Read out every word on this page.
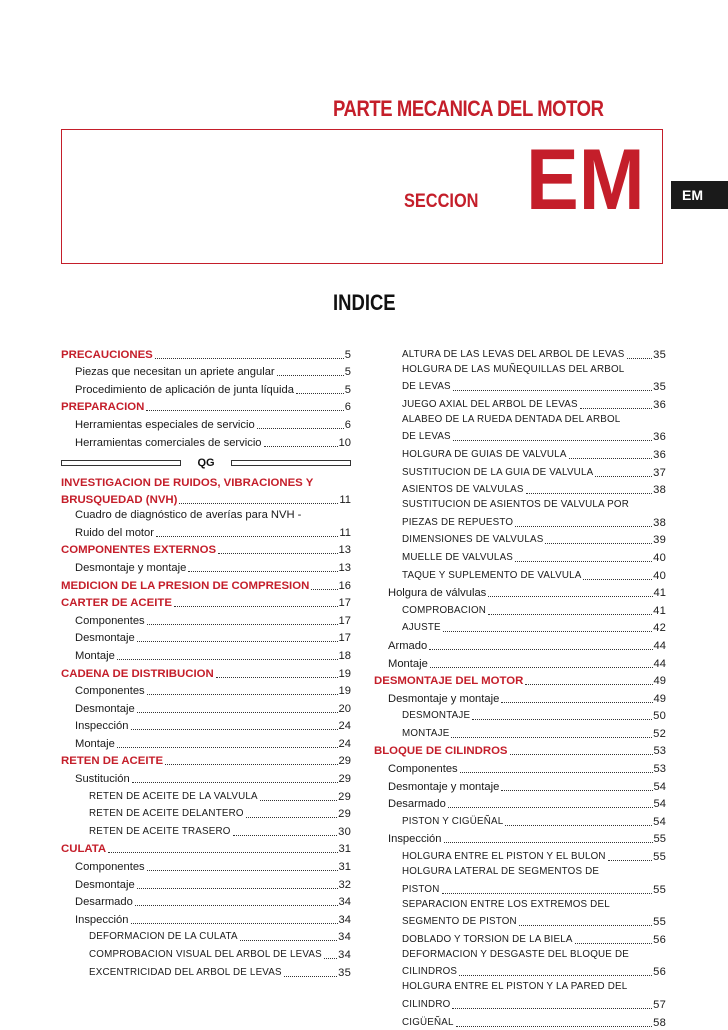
PARTE MECANICA DEL MOTOR
SECCION EM	EM
INDICE
PRECAUCIONES	5
Piezas que necesitan un apriete angular	5
Procedimiento de aplicación de junta líquida	5
PREPARACION	6
Herramientas especiales de servicio	6
Herramientas comerciales de servicio	10
QG
INVESTIGACION DE RUIDOS, VIBRACIONES Y
BRUSQUEDAD (NVH)	11
Cuadro de diagnóstico de averías para NVH -
Ruido del motor	11
COMPONENTES EXTERNOS	13
Desmontaje y montaje	13
MEDICION DE LA PRESION DE COMPRESION	16
CARTER DE ACEITE	17
Componentes	17
Desmontaje	17
Montaje	18
CADENA DE DISTRIBUCION	19
Componentes	19
Desmontaje	20
Inspección	24
Montaje	24
RETEN DE ACEITE	29
Sustitución	29
RETEN DE ACEITE DE LA VALVULA	29
RETEN DE ACEITE DELANTERO	29
RETEN DE ACEITE TRASERO	30
CULATA	31
Componentes	31
Desmontaje	32
Desarmado	34
Inspección	34
DEFORMACION DE LA CULATA	34
COMPROBACION VISUAL DEL ARBOL DE LEVAS 34
EXCENTRICIDAD DEL ARBOL DE LEVAS	35
ALTURA DE LAS LEVAS DEL ARBOL DE LEVAS	35
HOLGURA DE LAS MUÑEQUILLAS DEL ARBOL
DE LEVAS	35
JUEGO AXIAL DEL ARBOL DE LEVAS	36
ALABEO DE LA RUEDA DENTADA DEL ARBOL
DE LEVAS	36
HOLGURA DE GUIAS DE VALVULA	36
SUSTITUCION DE LA GUIA DE VALVULA	37
ASIENTOS DE VALVULAS	38
SUSTITUCION DE ASIENTOS DE VALVULA POR
PIEZAS DE REPUESTO	38
DIMENSIONES DE VALVULAS	39
MUELLE DE VALVULAS	40
TAQUE Y SUPLEMENTO DE VALVULA	40
Holgura de válvulas	41
COMPROBACION	41
AJUSTE	42
Armado	44
Montaje	44
DESMONTAJE DEL MOTOR	49
Desmontaje y montaje	49
DESMONTAJE	50
MONTAJE	52
BLOQUE DE CILINDROS	53
Componentes	53
Desmontaje y montaje	54
Desarmado	54
PISTON Y CIGÜEÑAL	54
Inspección	55
HOLGURA ENTRE EL PISTON Y EL BULON	55
HOLGURA LATERAL DE SEGMENTOS DE
PISTON	55
SEPARACION ENTRE LOS EXTREMOS DEL
SEGMENTO DE PISTON	55
DOBLADO Y TORSION DE LA BIELA	56
DEFORMACION Y DESGASTE DEL BLOQUE DE
CILINDROS	56
HOLGURA ENTRE EL PISTON Y LA PARED DEL
CILINDRO	57
CIGÜEÑAL	58
